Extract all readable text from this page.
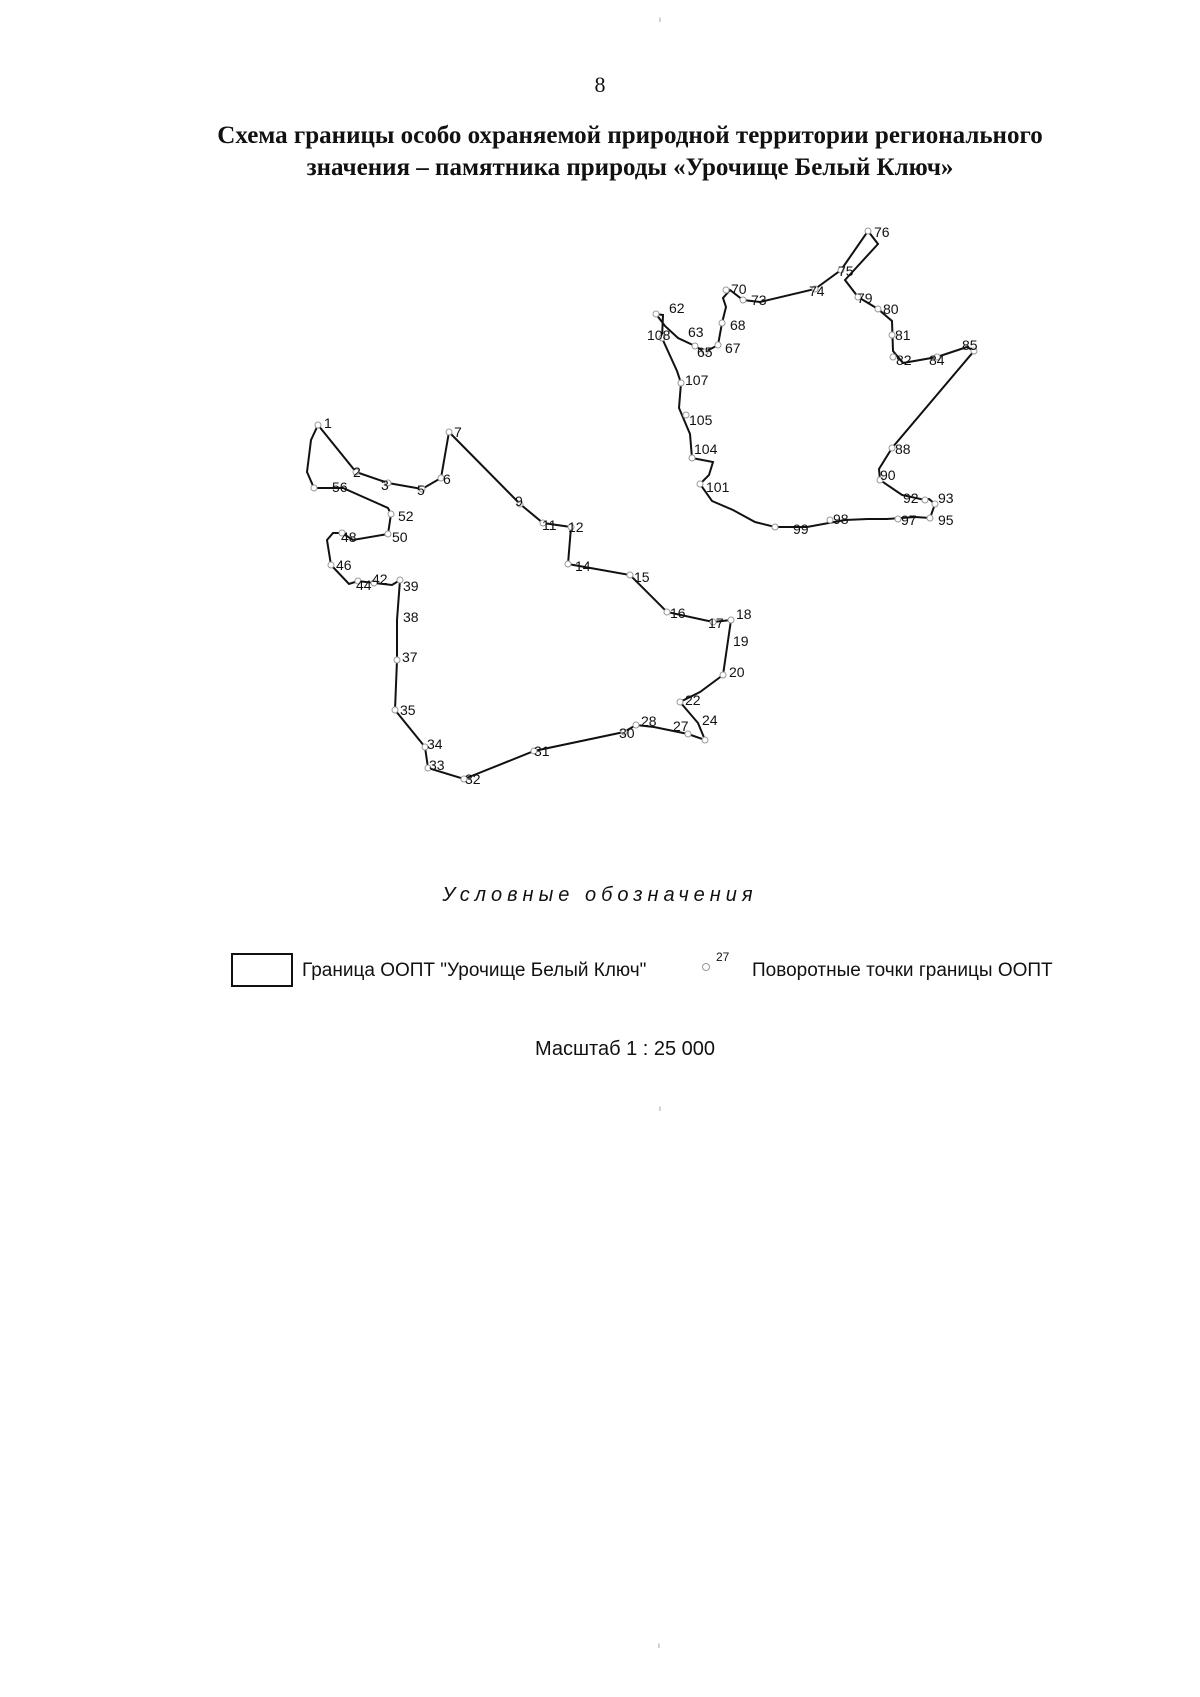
8
Схема границы особо охраняемой природной территории регионального
значения – памятника природы «Урочище Белый Ключ»
1
2
3 5
6
7
9
11 12
14
15
16
17
18
19
20
22
24
27
28
30
31
32
33
34
35
37
38
39
42
44
46
48	50
52
56
62
63
65 67
68
70
73
74
75
76
79
80
81
82 84
85
88
90
92 93
95
97
98
99
101
104
105
107
108
Условные обозначения
Граница ООПТ "Урочище Белый Ключ"
27
Поворотные точки границы ООПТ
Масштаб 1 : 25 000
ᶦ
ᶦ
ᶦ
